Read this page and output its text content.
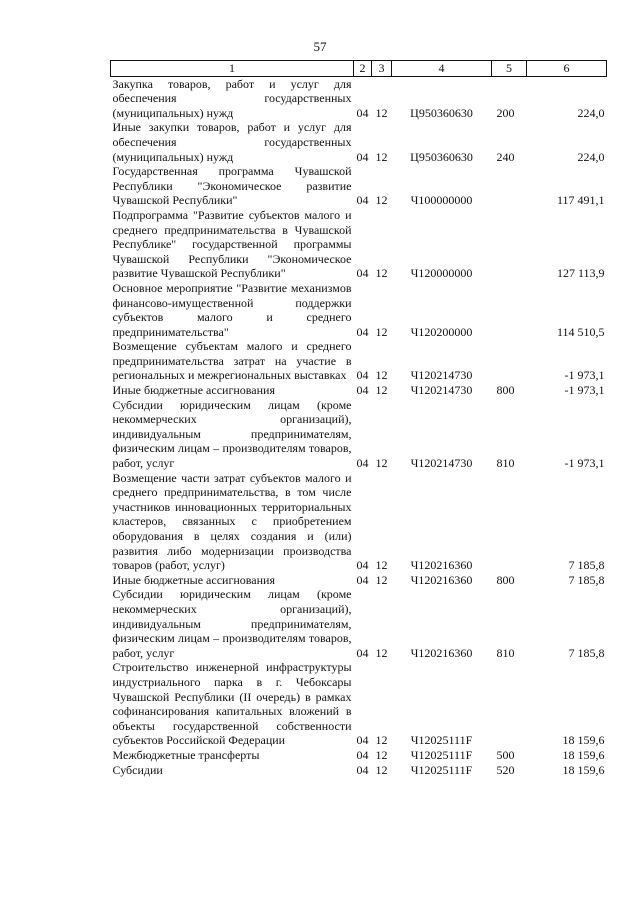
57
1	2	3	4	5	6
Закупка товаров, работ и услуг для обеспечения государственных (муниципальных) нужд	04	12	Ц950360630	200	224,0
Иные закупки товаров, работ и услуг для обеспечения государственных (муниципальных) нужд	04	12	Ц950360630	240	224,0
Государственная программа Чувашской Республики "Экономическое развитие Чувашской Республики"	04	12	Ч100000000		117 491,1
Подпрограмма "Развитие субъектов малого и среднего предпринимательства в Чувашской Республике" государственной программы Чувашской Республики "Экономическое развитие Чувашской Республики"	04	12	Ч120000000		127 113,9
Основное мероприятие "Развитие механизмов финансово-имущественной поддержки субъектов малого и среднего предпринимательства"	04	12	Ч120200000		114 510,5
Возмещение субъектам малого и среднего предпринимательства затрат на участие в региональных и межрегиональных выставках	04	12	Ч120214730		-1 973,1
Иные бюджетные ассигнования	04	12	Ч120214730	800	-1 973,1
Субсидии юридическим лицам (кроме некоммерческих организаций), индивидуальным предпринимателям, физическим лицам – производителям товаров, работ, услуг	04	12	Ч120214730	810	-1 973,1
Возмещение части затрат субъектов малого и среднего предпринимательства, в том числе участников инновационных территориальных кластеров, связанных с приобретением оборудования в целях создания и (или) развития либо модернизации производства товаров (работ, услуг)	04	12	Ч120216360		7 185,8
Иные бюджетные ассигнования	04	12	Ч120216360	800	7 185,8
Субсидии юридическим лицам (кроме некоммерческих организаций), индивидуальным предпринимателям, физическим лицам – производителям товаров, работ, услуг	04	12	Ч120216360	810	7 185,8
Строительство инженерной инфраструктуры индустриального парка в г. Чебоксары Чувашской Республики (II очередь) в рамках софинансирования капитальных вложений в объекты государственной собственности субъектов Российской Федерации	04	12	Ч12025111F		18 159,6
Межбюджетные трансферты	04	12	Ч12025111F	500	18 159,6
Субсидии	04	12	Ч12025111F	520	18 159,6
